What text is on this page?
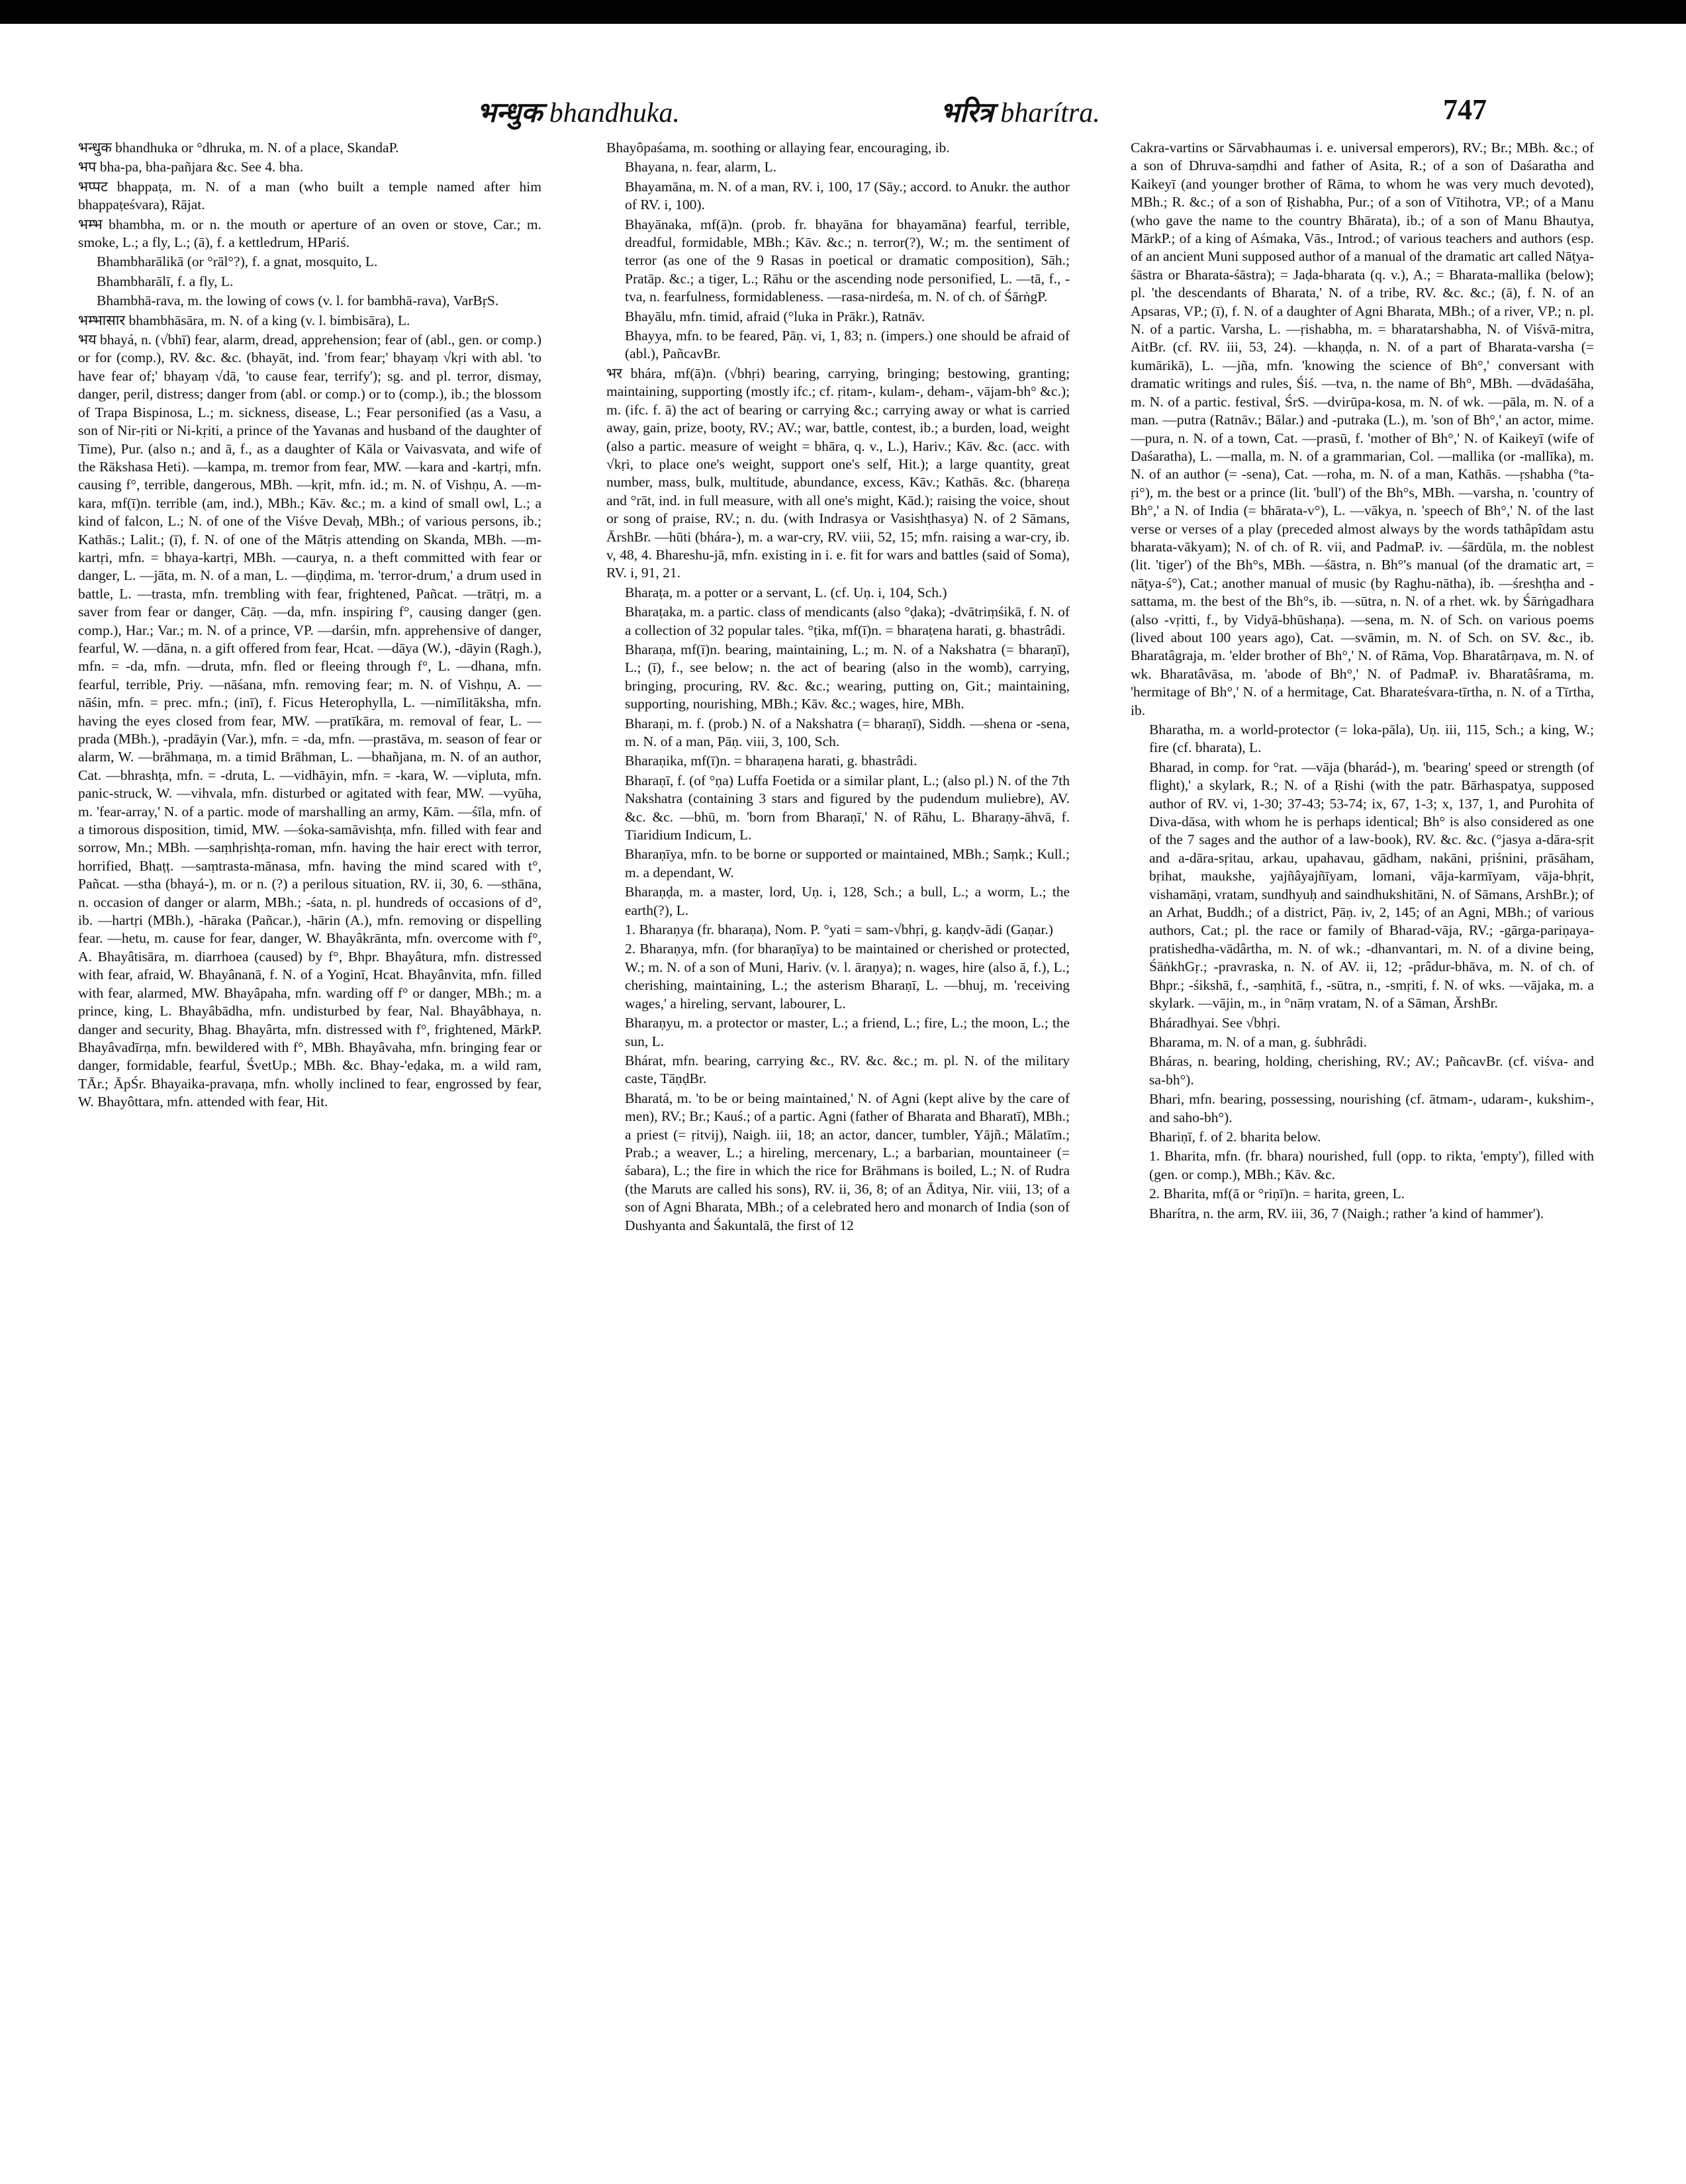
भन्धुक bhandhuka.	भरित्र bharítra.	747

भन्धुक bhandhuka or °dhruka, m. N. of a place, SkandaP.

भप bha-pa, bha-pañjara &c. See 4. bha.

भप्पट bhappaṭa, m. N. of a man (who built a temple named after him bhappaṭeśvara), Rājat.

भम्भ bhambha, m. or n. the mouth or aperture of an oven or stove, Car.; m. smoke, L.; a fly, L.; (ā), f. a kettledrum, HPariś.

Bhambharālikā (or °rāl°?), f. a gnat, mosquito, L.

Bhambharālī, f. a fly, L.

Bhambhā-rava, m. the lowing of cows (v. l. for bambhā-rava), VarBṛS.

भम्भासार bhambhāsāra, m. N. of a king (v. l. bimbisāra), L.

भय bhayá, n. (√bhī) fear, alarm, dread, apprehension; fear of (abl., gen. or comp.) or for (comp.), RV. &c. &c. (bhayāt, ind. 'from fear;' bhayaṃ √kṛi with abl. 'to have fear of;' bhayaṃ √dā, 'to cause fear, terrify'); sg. and pl. terror, dismay, danger, peril, distress; danger from (abl. or comp.) or to (comp.), ib.; the blossom of Trapa Bispinosa, L.; m. sickness, disease, L.; Fear personified (as a Vasu, a son of Nir-ṛiti or Ni-kṛiti, a prince of the Yavanas and husband of the daughter of Time), Pur. (also n.; and ā, f., as a daughter of Kāla or Vaivasvata, and wife of the Rākshasa Heti). —kampa, m. tremor from fear, MW. —kara and -kartṛi, mfn. causing f°, terrible, dangerous, MBh. —kṛit, mfn. id.; m. N. of Vishṇu, A. —m-kara, mf(ī)n. terrible (am, ind.), MBh.; Kāv. &c.; m. a kind of small owl, L.; a kind of falcon, L.; N. of one of the Viśve Devaḥ, MBh.; of various persons, ib.; Kathās.; Lalit.; (ī), f. N. of one of the Mātṛis attending on Skanda, MBh. —m-kartṛi, mfn. = bhaya-kartṛi, MBh. —caurya, n. a theft committed with fear or danger, L. —jāta, m. N. of a man, L. —ḍiṇḍima, m. 'terror-drum,' a drum used in battle, L. —trasta, mfn. trembling with fear, frightened, Pañcat. —trātṛi, m. a saver from fear or danger, Cāṇ. —da, mfn. inspiring f°, causing danger (gen. comp.), Har.; Var.; m. N. of a prince, VP. —darśin, mfn. apprehensive of danger, fearful, W. —dāna, n. a gift offered from fear, Hcat. —dāya (W.), -dāyin (Ragh.), mfn. = -da, mfn. —druta, mfn. fled or fleeing through f°, L. —dhana, mfn. fearful, terrible, Priy. —nāśana, mfn. removing fear; m. N. of Vishṇu, A. —nāśin, mfn. = prec. mfn.; (inī), f. Ficus Heterophylla, L. —nimīlitāksha, mfn. having the eyes closed from fear, MW. —pratīkāra, m. removal of fear, L. —prada (MBh.), -pradāyin (Var.), mfn. = -da, mfn. —prastāva, m. season of fear or alarm, W. —brāhmaṇa, m. a timid Brāhman, L. —bhañjana, m. N. of an author, Cat. —bhrashṭa, mfn. = -druta, L. —vidhāyin, mfn. = -kara, W. —vipluta, mfn. panic-struck, W. —vihvala, mfn. disturbed or agitated with fear, MW. —vyūha, m. 'fear-array,' N. of a partic. mode of marshalling an army, Kām. —śīla, mfn. of a timorous disposition, timid, MW. —śoka-samāvishṭa, mfn. filled with fear and sorrow, Mn.; MBh. —saṃhṛishṭa-roman, mfn. having the hair erect with terror, horrified, Bhaṭṭ. —saṃtrasta-mānasa, mfn. having the mind scared with t°, Pañcat. —stha (bhayá-), m. or n. (?) a perilous situation, RV. ii, 30, 6. —sthāna, n. occasion of danger or alarm, MBh.; -śata, n. pl. hundreds of occasions of d°, ib. —hartṛi (MBh.), -hāraka (Pañcar.), -hārin (A.), mfn. removing or dispelling fear. —hetu, m. cause for fear, danger, W. Bhayâkrānta, mfn. overcome with f°, A. Bhayâtisāra, m. diarrhoea (caused) by f°, Bhpr. Bhayâtura, mfn. distressed with fear, afraid, W. Bhayânanā, f. N. of a Yoginī, Hcat. Bhayânvita, mfn. filled with fear, alarmed, MW. Bhayâpaha, mfn. warding off f° or danger, MBh.; m. a prince, king, L. Bhayâbādha, mfn. undisturbed by fear, Nal. Bhayâbhaya, n. danger and security, Bhag. Bhayârta, mfn. distressed with f°, frightened, MārkP. Bhayâvadīrṇa, mfn. bewildered with f°, MBh. Bhayâvaha, mfn. bringing fear or danger, formidable, fearful, ŚvetUp.; MBh. &c. Bhay-'eḍaka, m. a wild ram, TĀr.; ĀpŚr. Bhayaika-pravaṇa, mfn. wholly inclined to fear, engrossed by fear, W. Bhayôttara, mfn. attended with fear, Hit.

Bhayôpaśama, m. soothing or allaying fear, encouraging, ib.

Bhayana, n. fear, alarm, L.

Bhayamāna, m. N. of a man, RV. i, 100, 17 (Sāy.; accord. to Anukr. the author of RV. i, 100).

Bhayānaka, mf(ā)n. (prob. fr. bhayāna for bhayamāna) fearful, terrible, dreadful, formidable, MBh.; Kāv. &c.; n. terror(?), W.; m. the sentiment of terror (as one of the 9 Rasas in poetical or dramatic composition), Sāh.; Pratāp. &c.; a tiger, L.; Rāhu or the ascending node personified, L. —tā, f., -tva, n. fearfulness, formidableness. —rasa-nirdeśa, m. N. of ch. of ŚārṅgP.

Bhayālu, mfn. timid, afraid (°luka in Prākr.), Ratnāv.

Bhayya, mfn. to be feared, Pāṇ. vi, 1, 83; n. (impers.) one should be afraid of (abl.), PañcavBr.

भर bhára, mf(ā)n. (√bhṛi) bearing, carrying, bringing; bestowing, granting; maintaining, supporting (mostly ifc.; cf. ṛitam-, kulam-, deham-, vājam-bh° &c.); m. (ifc. f. ā) the act of bearing or carrying &c.; carrying away or what is carried away, gain, prize, booty, RV.; AV.; war, battle, contest, ib.; a burden, load, weight (also a partic. measure of weight = bhāra, q. v., L.), Hariv.; Kāv. &c. (acc. with √kṛi, to place one's weight, support one's self, Hit.); a large quantity, great number, mass, bulk, multitude, abundance, excess, Kāv.; Kathās. &c. (bhareṇa and °rāt, ind. in full measure, with all one's might, Kād.); raising the voice, shout or song of praise, RV.; n. du. (with Indrasya or Vasishṭhasya) N. of 2 Sāmans, ĀrshBr. —hūti (bhára-), m. a war-cry, RV. viii, 52, 15; mfn. raising a war-cry, ib. v, 48, 4. Bhareshu-jā, mfn. existing in i. e. fit for wars and battles (said of Soma), RV. i, 91, 21.

Bharaṭa, m. a potter or a servant, L. (cf. Uṇ. i, 104, Sch.)

Bharaṭaka, m. a partic. class of mendicants (also °ḍaka); -dvātriṃśikā, f. N. of a collection of 32 popular tales. °ṭika, mf(ī)n. = bharaṭena harati, g. bhastrâdi.

Bharaṇa, mf(ī)n. bearing, maintaining, L.; m. N. of a Nakshatra (= bharaṇī), L.; (ī), f., see below; n. the act of bearing (also in the womb), carrying, bringing, procuring, RV. &c. &c.; wearing, putting on, Git.; maintaining, supporting, nourishing, MBh.; Kāv. &c.; wages, hire, MBh.

Bharaṇi, m. f. (prob.) N. of a Nakshatra (= bharaṇī), Siddh. —shena or -sena, m. N. of a man, Pāṇ. viii, 3, 100, Sch.

Bharaṇika, mf(ī)n. = bharaṇena harati, g. bhastrâdi.

Bharaṇī, f. (of °ṇa) Luffa Foetida or a similar plant, L.; (also pl.) N. of the 7th Nakshatra (containing 3 stars and figured by the pudendum muliebre), AV. &c. &c. —bhū, m. 'born from Bharaṇī,' N. of Rāhu, L. Bharaṇy-āhvā, f. Tiaridium Indicum, L.

Bharaṇīya, mfn. to be borne or supported or maintained, MBh.; Saṃk.; Kull.; m. a dependant, W.

Bharaṇḍa, m. a master, lord, Uṇ. i, 128, Sch.; a bull, L.; a worm, L.; the earth(?), L.

1. Bharaṇya (fr. bharaṇa), Nom. P. °yati = sam-√bhṛi, g. kaṇḍv-ādi (Gaṇar.)

2. Bharaṇya, mfn. (for bharaṇīya) to be maintained or cherished or protected, W.; m. N. of a son of Muni, Hariv. (v. l. āraṇya); n. wages, hire (also ā, f.), L.; cherishing, maintaining, L.; the asterism Bharaṇī, L. —bhuj, m. 'receiving wages,' a hireling, servant, labourer, L.

Bharaṇyu, m. a protector or master, L.; a friend, L.; fire, L.; the moon, L.; the sun, L.

Bhárat, mfn. bearing, carrying &c., RV. &c. &c.; m. pl. N. of the military caste, TāṇḍBr.

Bharatá, m. 'to be or being maintained,' N. of Agni (kept alive by the care of men), RV.; Br.; Kauś.; of a partic. Agni (father of Bharata and Bharatī), MBh.; a priest (= ṛitvij), Naigh. iii, 18; an actor, dancer, tumbler, Yājñ.; Mālatīm.; Prab.; a weaver, L.; a hireling, mercenary, L.; a barbarian, mountaineer (= śabara), L.; the fire in which the rice for Brāhmans is boiled, L.; N. of Rudra (the Maruts are called his sons), RV. ii, 36, 8; of an Āditya, Nir. viii, 13; of a son of Agni Bharata, MBh.; of a celebrated hero and monarch of India (son of Dushyanta and Śakuntalā, the first of 12

Cakra-vartins or Sārvabhaumas i. e. universal emperors), RV.; Br.; MBh. &c.; of a son of Dhruva-saṃdhi and father of Asita, R.; of a son of Daśaratha and Kaikeyī (and younger brother of Rāma, to whom he was very much devoted), MBh.; R. &c.; of a son of Ṛishabha, Pur.; of a son of Vītihotra, VP.; of a Manu (who gave the name to the country Bhārata), ib.; of a son of Manu Bhautya, MārkP.; of a king of Aśmaka, Vās., Introd.; of various teachers and authors (esp. of an ancient Muni supposed author of a manual of the dramatic art called Nāṭya-śāstra or Bharata-śāstra); = Jaḍa-bharata (q. v.), A.; = Bharata-mallika (below); pl. 'the descendants of Bharata,' N. of a tribe, RV. &c. &c.; (ā), f. N. of an Apsaras, VP.; (ī), f. N. of a daughter of Agni Bharata, MBh.; of a river, VP.; n. pl. N. of a partic. Varsha, L. —ṛishabha, m. = bharatarshabha, N. of Viśvā-mitra, AitBr. (cf. RV. iii, 53, 24). —khaṇḍa, n. N. of a part of Bharata-varsha (= kumārikā), L. —jña, mfn. 'knowing the science of Bh°,' conversant with dramatic writings and rules, Śiś. —tva, n. the name of Bh°, MBh. —dvādaśāha, m. N. of a partic. festival, ŚrS. —dvirūpa-kosa, m. N. of wk. —pāla, m. N. of a man. —putra (Ratnāv.; Bālar.) and -putraka (L.), m. 'son of Bh°,' an actor, mime. —pura, n. N. of a town, Cat. —prasū, f. 'mother of Bh°,' N. of Kaikeyī (wife of Daśaratha), L. —malla, m. N. of a grammarian, Col. —mallika (or -mallīka), m. N. of an author (= -sena), Cat. —roha, m. N. of a man, Kathās. —ṛshabha (°ta-ṛi°), m. the best or a prince (lit. 'bull') of the Bh°s, MBh. —varsha, n. 'country of Bh°,' a N. of India (= bhārata-v°), L. —vākya, n. 'speech of Bh°,' N. of the last verse or verses of a play (preceded almost always by the words tathâpîdam astu bharata-vākyam); N. of ch. of R. vii, and PadmaP. iv. —śārdūla, m. the noblest (lit. 'tiger') of the Bh°s, MBh. —śāstra, n. Bh°'s manual (of the dramatic art, = nāṭya-ś°), Cat.; another manual of music (by Raghu-nātha), ib. —śreshṭha and -sattama, m. the best of the Bh°s, ib. —sūtra, n. N. of a rhet. wk. by Śārṅgadhara (also -vṛitti, f., by Vidyā-bhūshaṇa). —sena, m. N. of Sch. on various poems (lived about 100 years ago), Cat. —svāmin, m. N. of Sch. on SV. &c., ib. Bharatâgraja, m. 'elder brother of Bh°,' N. of Rāma, Vop. Bharatârṇava, m. N. of wk. Bharatâvāsa, m. 'abode of Bh°,' N. of PadmaP. iv. Bharatâśrama, m. 'hermitage of Bh°,' N. of a hermitage, Cat. Bharateśvara-tīrtha, n. N. of a Tīrtha, ib.

Bharatha, m. a world-protector (= loka-pāla), Uṇ. iii, 115, Sch.; a king, W.; fire (cf. bharata), L.

Bharad, in comp. for °rat. —vāja (bharád-), m. 'bearing' speed or strength (of flight),' a skylark, R.; N. of a Ṛishi (with the patr. Bārhaspatya, supposed author of RV. vi, 1-30; 37-43; 53-74; ix, 67, 1-3; x, 137, 1, and Purohita of Diva-dāsa, with whom he is perhaps identical; Bh° is also considered as one of the 7 sages and the author of a law-book), RV. &c. &c. (°jasya a-dāra-sṛit and a-dāra-sṛitau, arkau, upahavau, gādham, nakāni, pṛiśnini, prāsāham, bṛihat, maukshe, yajñâyajñīyam, lomani, vāja-karmīyam, vāja-bhṛit, vishamāṇi, vratam, sundhyuḥ and saindhukshitāni, N. of Sāmans, ArshBr.); of an Arhat, Buddh.; of a district, Pāṇ. iv, 2, 145; of an Agni, MBh.; of various authors, Cat.; pl. the race or family of Bharad-vāja, RV.; -gārga-pariṇaya-pratishedha-vādârtha, m. N. of wk.; -dhanvantari, m. N. of a divine being, ŚāṅkhGṛ.; -pravraska, n. N. of AV. ii, 12; -prâdur-bhāva, m. N. of ch. of Bhpr.; -śikshā, f., -saṃhitā, f., -sūtra, n., -smṛiti, f. N. of wks. —vājaka, m. a skylark. —vājin, m., in °nāṃ vratam, N. of a Sāman, ĀrshBr.

Bháradhyai. See √bhṛi.

Bharama, m. N. of a man, g. śubhrâdi.

Bháras, n. bearing, holding, cherishing, RV.; AV.; PañcavBr. (cf. viśva- and sa-bh°).

Bhari, mfn. bearing, possessing, nourishing (cf. ātmam-, udaram-, kukshim-, and saho-bh°).

Bhariṇī, f. of 2. bharita below.

1. Bharita, mfn. (fr. bhara) nourished, full (opp. to rikta, 'empty'), filled with (gen. or comp.), MBh.; Kāv. &c.

2. Bharita, mf(ā or °riṇī)n. = harita, green, L.

Bharítra, n. the arm, RV. iii, 36, 7 (Naigh.; rather 'a kind of hammer').
